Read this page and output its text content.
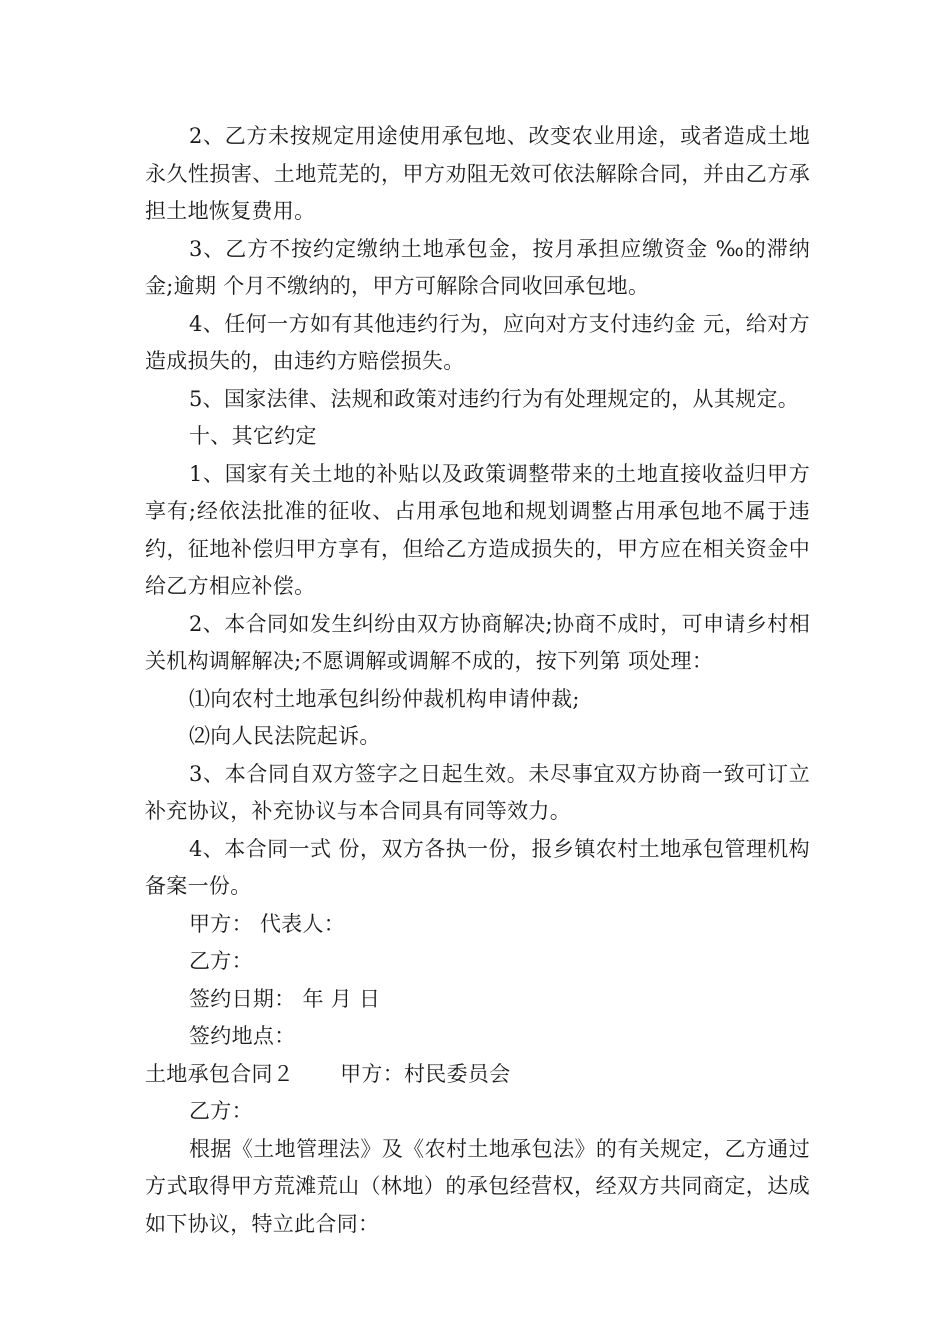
2、乙方未按规定用途使用承包地、改变农业用途，或者造成土地永久性损害、土地荒芜的，甲方劝阻无效可依法解除合同，并由乙方承担土地恢复费用。

3、乙方不按约定缴纳土地承包金，按月承担应缴资金 ‰的滞纳金;逾期 个月不缴纳的，甲方可解除合同收回承包地。

4、任何一方如有其他违约行为，应向对方支付违约金 元，给对方造成损失的，由违约方赔偿损失。

5、国家法律、法规和政策对违约行为有处理规定的，从其规定。

十、其它约定

1、国家有关土地的补贴以及政策调整带来的土地直接收益归甲方享有;经依法批准的征收、占用承包地和规划调整占用承包地不属于违约，征地补偿归甲方享有，但给乙方造成损失的，甲方应在相关资金中给乙方相应补偿。

2、本合同如发生纠纷由双方协商解决;协商不成时，可申请乡村相关机构调解解决;不愿调解或调解不成的，按下列第 项处理：

⑴向农村土地承包纠纷仲裁机构申请仲裁;

⑵向人民法院起诉。

3、本合同自双方签字之日起生效。未尽事宜双方协商一致可订立补充协议，补充协议与本合同具有同等效力。

4、本合同一式 份，双方各执一份，报乡镇农村土地承包管理机构备案一份。

甲方： 代表人：

乙方：

签约日期： 年 月 日

签约地点：

土地承包合同２ 甲方：村民委员会

乙方：

根据《土地管理法》及《农村土地承包法》的有关规定，乙方通过方式取得甲方荒滩荒山（林地）的承包经营权，经双方共同商定，达成如下协议，特立此合同：
